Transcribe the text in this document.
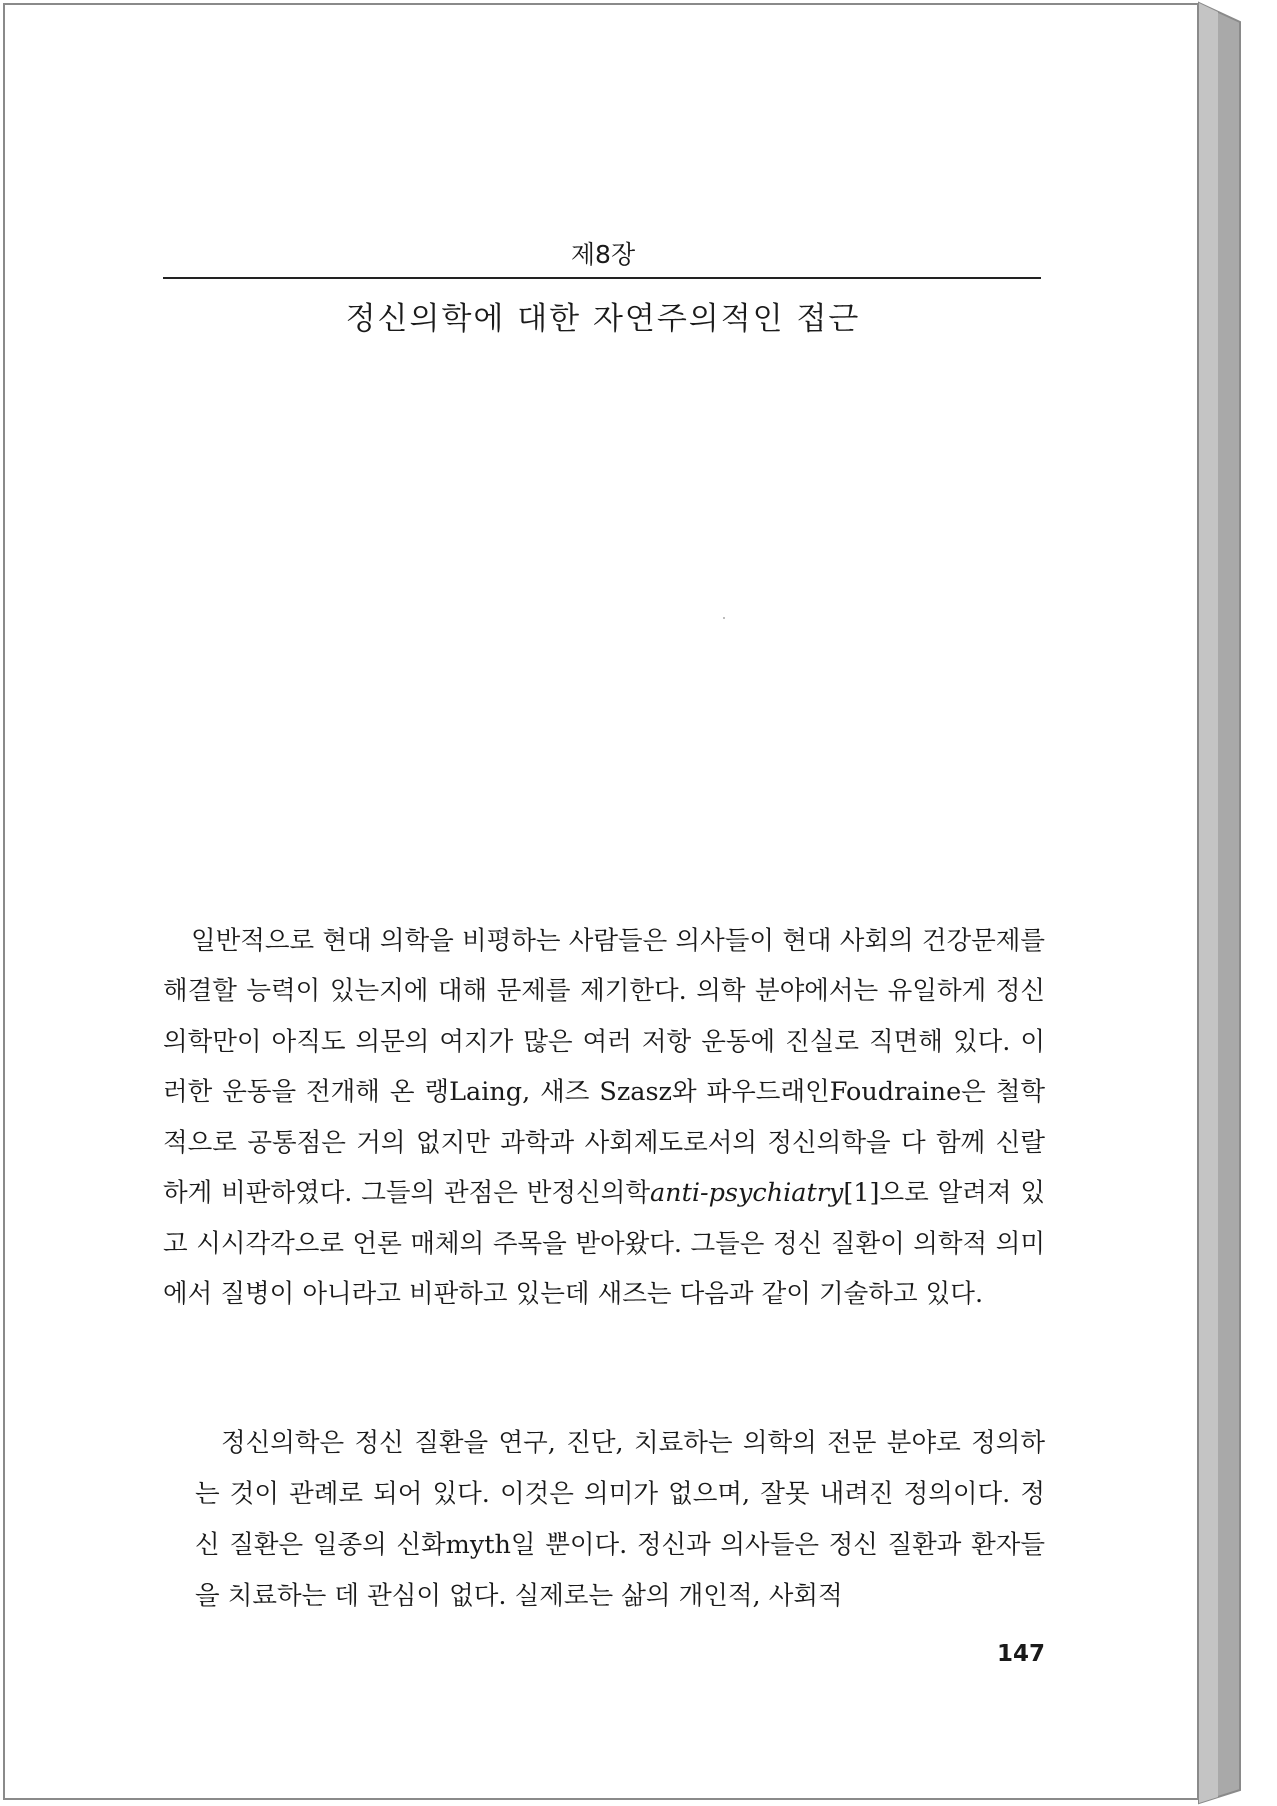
제8장
정신의학에 대한 자연주의적인 접근

일반적으로 현대 의학을 비평하는 사람들은 의사들이 현대 사회의 건강문제를 해결할 능력이 있는지에 대해 문제를 제기한다. 의학 분야에서는 유일하게 정신의학만이 아직도 의문의 여지가 많은 여러 저항 운동에 진실로 직면해 있다. 이러한 운동을 전개해 온 랭Laing, 새즈 Szasz와 파우드래인Foudraine은 철학적으로 공통점은 거의 없지만 과학과 사회제도로서의 정신의학을 다 함께 신랄하게 비판하였다. 그들의 관점은 반정신의학anti-psychiatry[1]으로 알려져 있고 시시각각으로 언론 매체의 주목을 받아왔다. 그들은 정신 질환이 의학적 의미에서 질병이 아니라고 비판하고 있는데 새즈는 다음과 같이 기술하고 있다.

정신의학은 정신 질환을 연구, 진단, 치료하는 의학의 전문 분야로 정의하는 것이 관례로 되어 있다. 이것은 의미가 없으며, 잘못 내려진 정의이다. 정신 질환은 일종의 신화myth일 뿐이다. 정신과 의사들은 정신 질환과 환자들을 치료하는 데 관심이 없다. 실제로는 삶의 개인적, 사회적

147
